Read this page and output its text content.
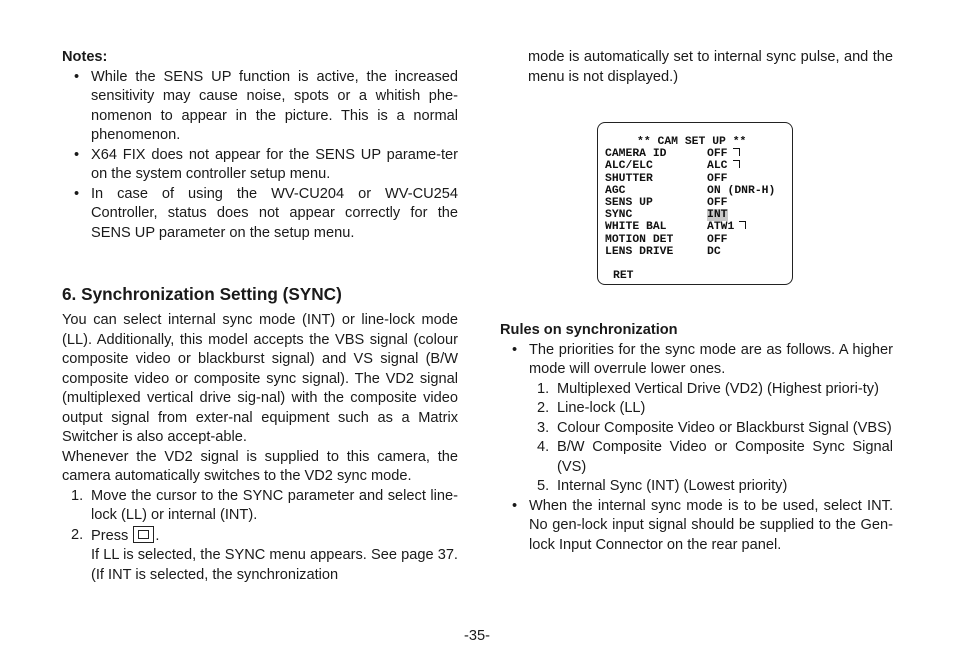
Notes:
• While the SENS UP function is active, the increased sensitivity may cause noise, spots or a whitish phe-nomenon to appear in the picture. This is a normal phenomenon.
• X64 FIX does not appear for the SENS UP parame-ter on the system controller setup menu.
• In case of using the WV-CU204 or WV-CU254 Controller, status does not appear correctly for the SENS UP parameter on the setup menu.
6. Synchronization Setting (SYNC)

You can select internal sync mode (INT) or line-lock mode (LL). Additionally, this model accepts the VBS signal (colour composite video or blackburst signal) and VS signal (B/W composite video or composite sync signal). The VD2 signal (multiplexed vertical drive sig-nal) with the composite video output signal from exter-nal equipment such as a Matrix Switcher is also accept-able.

Whenever the VD2 signal is supplied to this camera, the camera automatically switches to the VD2 sync mode.

1. Move the cursor to the SYNC parameter and select line-lock (LL) or internal (INT).
2. Press .

If LL is selected, the SYNC menu appears. See page 37. (If INT is selected, the synchronization

mode is automatically set to internal sync pulse, and the menu is not displayed.)

** CAM SET UP **
CAMERA ID	OFF
ALC/ELC	ALC
SHUTTER	OFF
AGC	ON (DNR-H)
SENS UP	OFF
SYNC	INT
WHITE BAL	ATW1
MOTION DET	OFF
LENS DRIVE	DC
RET
Rules on synchronization
• The priorities for the sync mode are as follows. A higher mode will overrule lower ones.
1. Multiplexed Vertical Drive (VD2) (Highest priori-ty)
2. Line-lock (LL)
3. Colour Composite Video or Blackburst Signal (VBS)
4. B/W Composite Video or Composite Sync Signal (VS)
5. Internal Sync (INT) (Lowest priority)
• When the internal sync mode is to be used, select INT. No gen-lock input signal should be supplied to the Gen-lock Input Connector on the rear panel.
-35-
